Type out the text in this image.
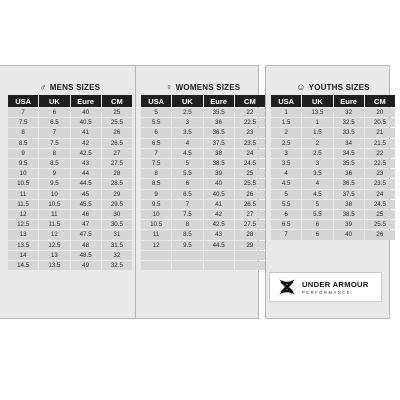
♂ MENS SIZES
USA	UK	Eure	CM
7	6	40	25
7.5	6.5	40.5	25.5
8	7	41	26
8.5	7.5	42	26.5
9	8	42.5	27
9.5	8.5	43	27.5
10	9	44	28
10.5	9.5	44.5	28.5
11	10	45	29
11.5	10.5	45.5	29.5
12	11	46	30
12.5	11.5	47	30.5
13	12	47.5	31
13.5	12.5	48	31.5
14	13	48.5	32
14.5	13.5	49	32.5
♀ WOMENS SIZES
USA	UK	Eure	CM
5	2.5	35.5	22
5.5	3	36	22.5
6	3.5	36.5	23
6.5	4	37.5	23.5
7	4.5	38	24
7.5	5	38.5	24.5
8	5.5	39	25
8.5	6	40	25.5
9	6.5	40.5	26
9.5	7	41	26.5
10	7.5	42	27
10.5	8	42.5	27.5
11	8.5	43	28
12	9.5	44.5	29

☺ YOUTHS SIZES
USA	UK	Eure	CM
1	13.5	32	20
1.5	1	32.5	20.5
2	1.5	33.5	21
2.5	2	34	21.5
3	2.5	34.5	22
3.5	3	35.5	22.5
4	3.5	36	23
4.5	4	36.5	23.5
5	4.5	37.5	24
5.5	5	38	24.5
6	5.5	38.5	25
6.5	6	39	25.5
7	6	40	26
UNDER ARMOUR
PERFORMANCE
